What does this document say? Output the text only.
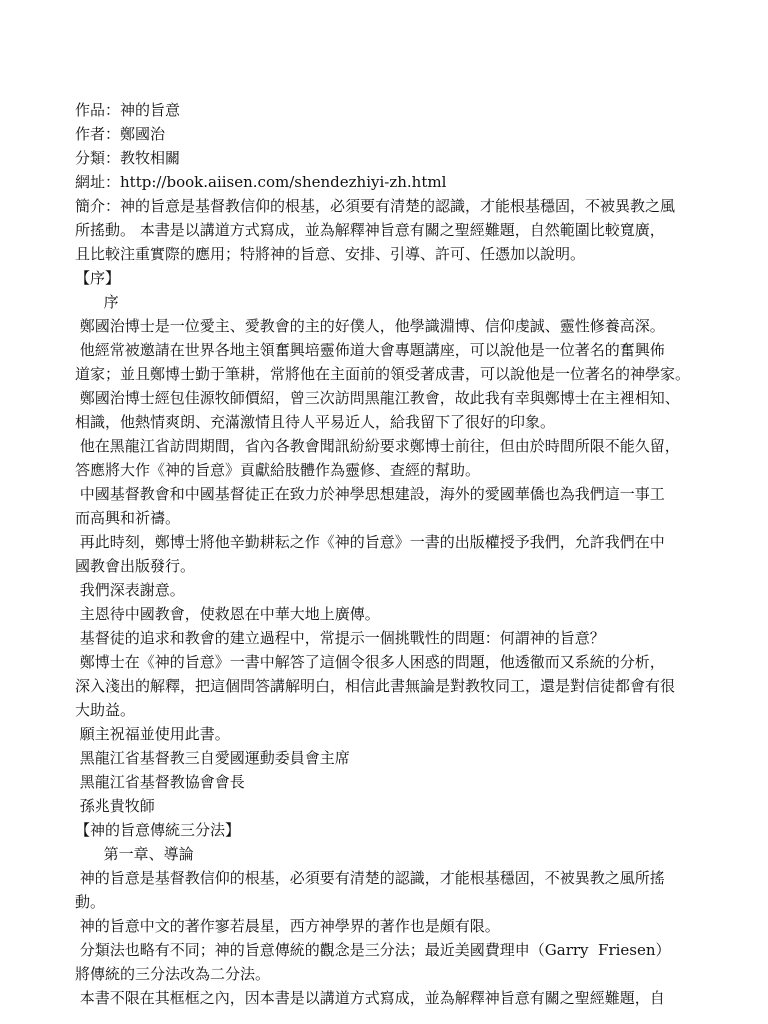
作品：神的旨意
作者：鄭國治
分類：教牧相關
網址：http://book.aiisen.com/shendezhiyi-zh.html
簡介：神的旨意是基督教信仰的根基，必須要有清楚的認識，才能根基穩固，不被異教之風
所搖動。 本書是以講道方式寫成，並為解釋神旨意有關之聖經難題，自然範圍比較寬廣，
且比較注重實際的應用；特將神的旨意、安排、引導、許可、任憑加以說明。
【序】
序
鄭國治博士是一位愛主、愛教會的主的好僕人，他學識淵博、信仰虔誠、靈性修養高深。
他經常被邀請在世界各地主領奮興培靈佈道大會專題講座，可以說他是一位著名的奮興佈
道家；並且鄭博士勤于筆耕，常將他在主面前的領受著成書，可以說他是一位著名的神學家。
鄭國治博士經包佳源牧師價紹，曾三次訪問黑龍江教會，故此我有幸與鄭博士在主裡相知、
相識，他熱情爽朗、充滿激情且待人平易近人，給我留下了很好的印象。
他在黑龍江省訪問期間，省內各教會聞訊紛紛要求鄭博士前往，但由於時間所限不能久留，
答應將大作《神的旨意》貢獻給肢體作為靈修、查經的幫助。
中國基督教會和中國基督徒正在致力於神學思想建設，海外的愛國華僑也為我們這一事工
而高興和祈禱。
再此時刻，鄭博士將他辛勤耕耘之作《神的旨意》一書的出版權授予我們，允許我們在中
國教會出版發行。
我們深表謝意。
主恩待中國教會，使救恩在中華大地上廣傳。
基督徒的追求和教會的建立過程中，常提示一個挑戰性的問題：何謂神的旨意？
鄭博士在《神的旨意》一書中解答了這個令很多人困惑的問題，他透徹而又系統的分析，
深入淺出的解釋，把這個問答講解明白，相信此書無論是對教牧同工，還是對信徒都會有很
大助益。
願主祝福並使用此書。
黑龍江省基督教三自愛國運動委員會主席
黑龍江省基督教協會會長
孫兆貴牧師
【神的旨意傳統三分法】
第一章、導論
神的旨意是基督教信仰的根基，必須要有清楚的認識，才能根基穩固，不被異教之風所搖
動。
神的旨意中文的著作寥若晨星，西方神學界的著作也是頗有限。
分類法也略有不同；神的旨意傳統的觀念是三分法；最近美國費理申（Garry  Friesen）
將傳統的三分法改為二分法。
本書不限在其框框之內，因本書是以講道方式寫成，並為解釋神旨意有關之聖經難題，自
